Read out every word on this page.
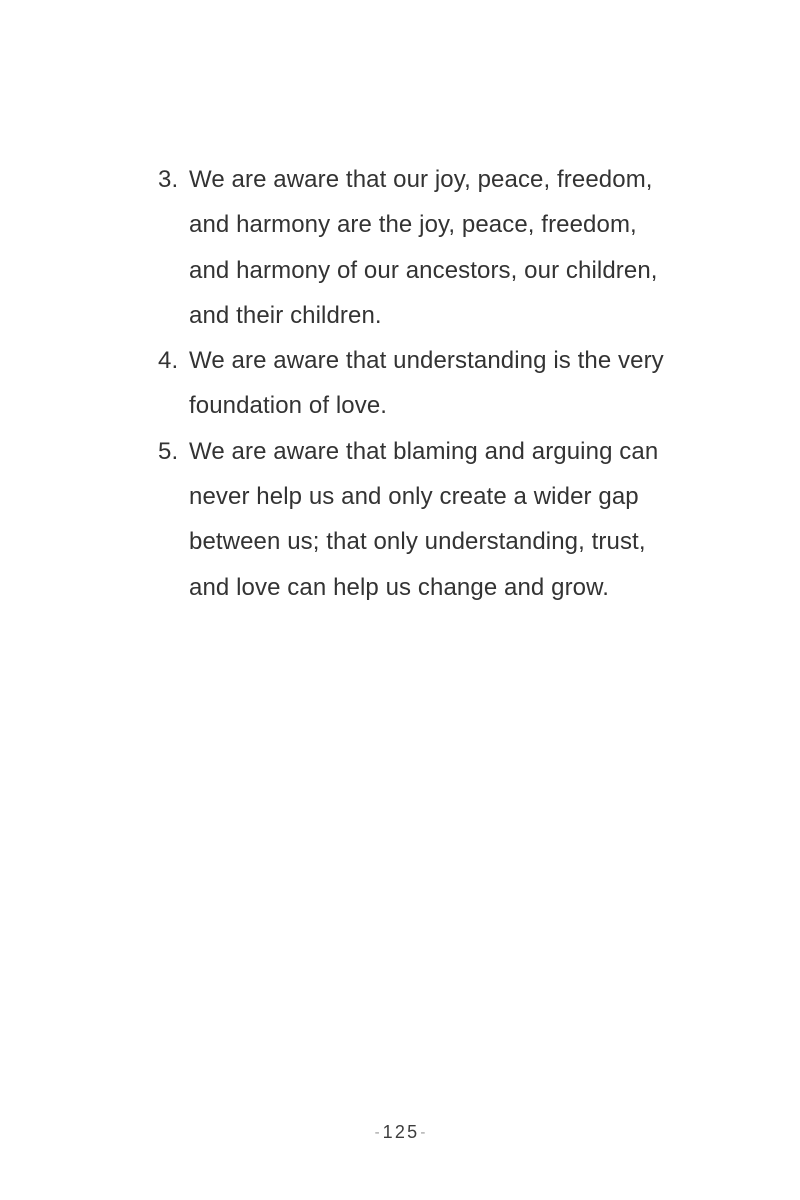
3. We are aware that our joy, peace, freedom,
and harmony are the joy, peace, freedom,
and harmony of our ancestors, our children,
and their children.
4. We are aware that understanding is the very
foundation of love.
5. We are aware that blaming and arguing can
never help us and only create a wider gap
between us; that only understanding, trust,
and love can help us change and grow.
- 125-
